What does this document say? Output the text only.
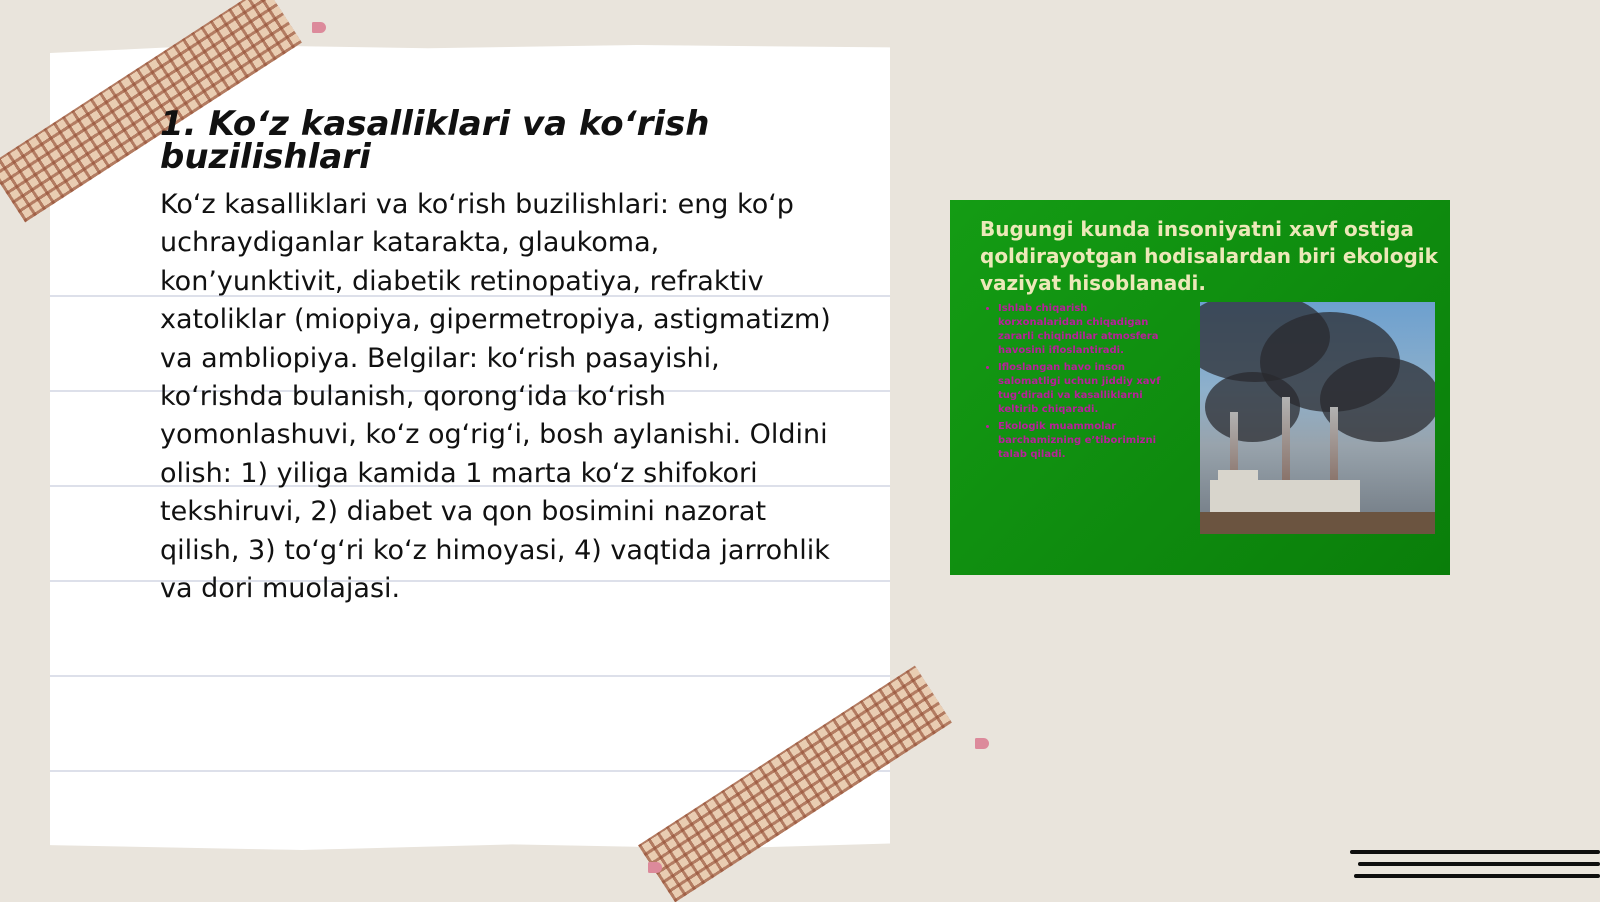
1. Ko‘z kasalliklari va ko‘rish buzilishlari

Ko‘z kasalliklari va ko‘rish buzilishlari: eng ko‘p uchraydiganlar katarakta, glaukoma, kon’yunktivit, diabetik retinopatiya, refraktiv xatoliklar (miopiya, gipermetropiya, astigmatizm) va ambliopiya. Belgilar: ko‘rish pasayishi, ko‘rishda bulanish, qorong‘ida ko‘rish yomonlashuvi, ko‘z og‘rig‘i, bosh aylanishi. Oldini olish: 1) yiliga kamida 1 marta ko‘z shifokori tekshiruvi, 2) diabet va qon bosimini nazorat qilish, 3) to‘g‘ri ko‘z himoyasi, 4) vaqtida jarrohlik va dori muolajasi.

Bugungi kunda insoniyatni xavf ostiga qoldirayotgan hodisalardan biri ekologik vaziyat hisoblanadi.

• Ishlab chiqarish korxonalaridan chiqadigan zararli chiqindilar atmosfera havosini ifloslantiradi.
• Ifloslangan havo inson salomatligi uchun jiddiy xavf tug‘diradi va kasalliklarni keltirib chiqaradi.
• Ekologik muammolar barchamizning e’tiborimizni talab qiladi.
